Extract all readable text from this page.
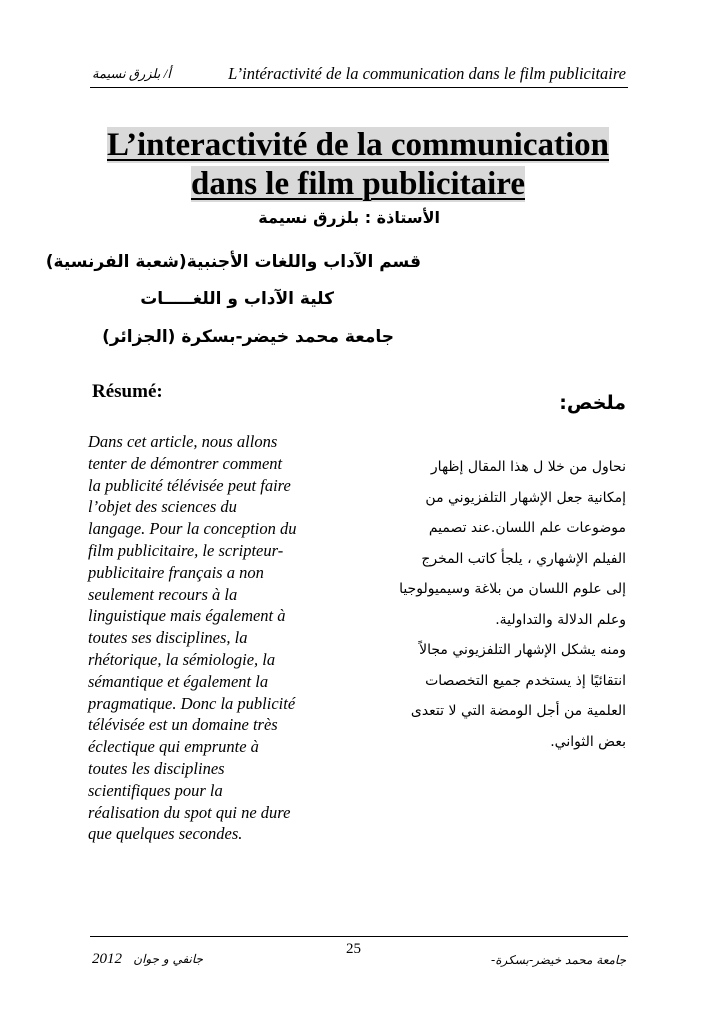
أ/ بلزرق نسيمة	L’intéractivité de la communication dans le film publicitaire
L’interactivité de la communication
dans le film publicitaire
الأستاذة : بلزرق نسيمة
قسم الآداب واللغات الأجنبية(شعبة الفرنسية)
كلية الآداب و اللغـــــات
جامعة محمد خيضر-بسكرة (الجزائر)
Résumé:
ملخص:
Dans cet article, nous allons
tenter de démontrer comment
la publicité télévisée peut faire
l’objet des sciences du
langage. Pour la conception du
film publicitaire, le scripteur-
publicitaire français a non
seulement recours à la
linguistique mais également à
toutes ses disciplines, la
rhétorique, la sémiologie, la
sémantique et également la
pragmatique. Donc la publicité
télévisée est un domaine très
éclectique qui emprunte à
toutes les disciplines
scientifiques pour la
réalisation du spot qui ne dure
que quelques secondes.
نحاول من خلا ل هذا المقال إظهار
إمكانية جعل الإشهار التلفزيوني من
موضوعات علم اللسان.عند تصميم
الفيلم الإشهاري ، يلجأ كاتب المخرج
إلى علوم اللسان من بلاغة وسيميولوجيا
وعلم الدلالة والتداولية.
ومنه يشكل الإشهار التلفزيوني مجالاً
انتقائيًا إذ يستخدم جميع التخصصات
العلمية من أجل الومضة التي لا تتعدى
بعض الثواني.
2012 جانفي و جوان
25
جامعة محمد خيضر-بسكرة-
